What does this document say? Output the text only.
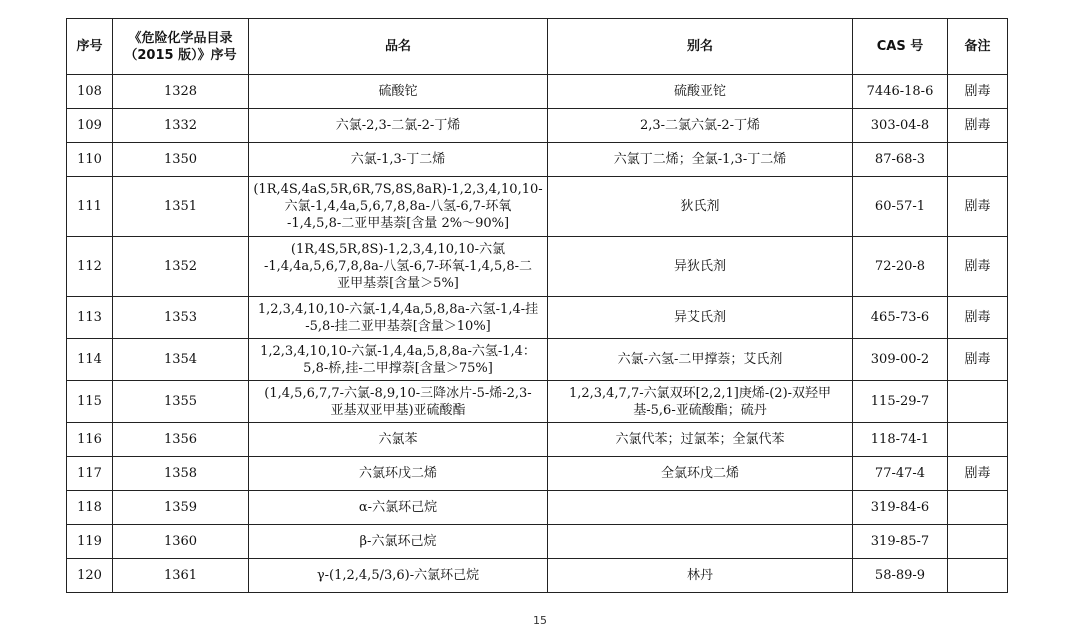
序号	《危险化学品目录
（2015 版）》序号	品名	别名	CAS 号	备注
108	1328	硫酸铊	硫酸亚铊	7446-18-6	剧毒
109	1332	六氯-2,3-二氯-2-丁烯	2,3-二氯六氯-2-丁烯	303-04-8	剧毒
110	1350	六氯-1,3-丁二烯	六氯丁二烯；全氯-1,3-丁二烯	87-68-3	
111	1351	(1R,4S,4aS,5R,6R,7S,8S,8aR)-1,2,3,4,10,10-
六氯-1,4,4a,5,6,7,8,8a-八氢-6,7-环氧
-1,4,5,8-二亚甲基萘[含量 2%～90%]	狄氏剂	60-57-1	剧毒
112	1352	(1R,4S,5R,8S)-1,2,3,4,10,10-六氯
-1,4,4a,5,6,7,8,8a-八氢-6,7-环氧-1,4,5,8-二
亚甲基萘[含量＞5%]	异狄氏剂	72-20-8	剧毒
113	1353	1,2,3,4,10,10-六氯-1,4,4a,5,8,8a-六氢-1,4-挂
-5,8-挂二亚甲基萘[含量＞10%]	异艾氏剂	465-73-6	剧毒
114	1354	1,2,3,4,10,10-六氯-1,4,4a,5,8,8a-六氢-1,4：
5,8-桥,挂-二甲撑萘[含量＞75%]	六氯-六氢-二甲撑萘；艾氏剂	309-00-2	剧毒
115	1355	(1,4,5,6,7,7-六氯-8,9,10-三降冰片-5-烯-2,3-
亚基双亚甲基)亚硫酸酯	1,2,3,4,7,7-六氯双环[2,2,1]庚烯-(2)-双羟甲
基-5,6-亚硫酸酯；硫丹	115-29-7	
116	1356	六氯苯	六氯代苯；过氯苯；全氯代苯	118-74-1	
117	1358	六氯环戊二烯	全氯环戊二烯	77-47-4	剧毒
118	1359	α-六氯环己烷		319-84-6	
119	1360	β-六氯环己烷		319-85-7	
120	1361	γ-(1,2,4,5/3,6)-六氯环己烷	林丹	58-89-9	
15
